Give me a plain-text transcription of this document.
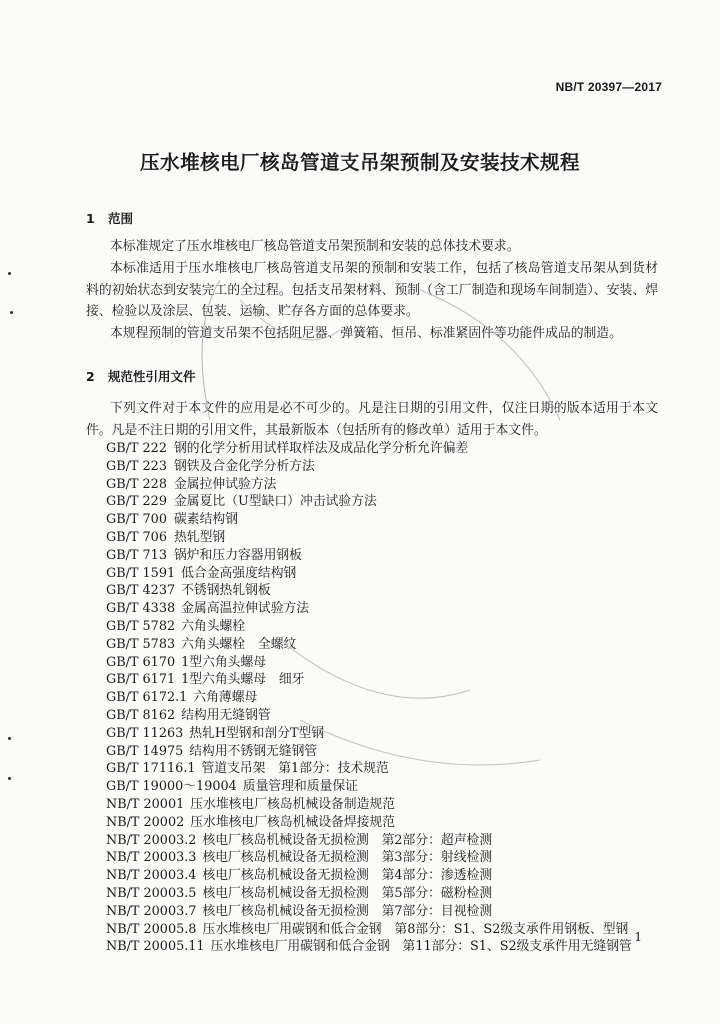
NB/T 20397—2017
压水堆核电厂核岛管道支吊架预制及安装技术规程
1 范围

本标准规定了压水堆核电厂核岛管道支吊架预制和安装的总体技术要求。

本标准适用于压水堆核电厂核岛管道支吊架的预制和安装工作，包括了核岛管道支吊架从到货材料的初始状态到安装完工的全过程。包括支吊架材料、预制（含工厂制造和现场车间制造）、安装、焊接、检验以及涂层、包装、运输、贮存各方面的总体要求。

本规程预制的管道支吊架不包括阻尼器、弹簧箱、恒吊、标准紧固件等功能件成品的制造。

2 规范性引用文件

下列文件对于本文件的应用是必不可少的。凡是注日期的引用文件，仅注日期的版本适用于本文件。凡是不注日期的引用文件，其最新版本（包括所有的修改单）适用于本文件。

GB/T 222 钢的化学分析用试样取样法及成品化学分析允许偏差
GB/T 223 钢铁及合金化学分析方法
GB/T 228 金属拉伸试验方法
GB/T 229 金属夏比（U型缺口）冲击试验方法
GB/T 700 碳素结构钢
GB/T 706 热轧型钢
GB/T 713 锅炉和压力容器用钢板
GB/T 1591 低合金高强度结构钢
GB/T 4237 不锈钢热轧钢板
GB/T 4338 金属高温拉伸试验方法
GB/T 5782 六角头螺栓
GB/T 5783 六角头螺栓　全螺纹
GB/T 6170 1型六角头螺母
GB/T 6171 1型六角头螺母　细牙
GB/T 6172.1 六角薄螺母
GB/T 8162 结构用无缝钢管
GB/T 11263 热轧H型钢和剖分T型钢
GB/T 14975 结构用不锈钢无缝钢管
GB/T 17116.1 管道支吊架　第1部分：技术规范
GB/T 19000～19004 质量管理和质量保证
NB/T 20001 压水堆核电厂核岛机械设备制造规范
NB/T 20002 压水堆核电厂核岛机械设备焊接规范
NB/T 20003.2 核电厂核岛机械设备无损检测　第2部分：超声检测
NB/T 20003.3 核电厂核岛机械设备无损检测　第3部分：射线检测
NB/T 20003.4 核电厂核岛机械设备无损检测　第4部分：渗透检测
NB/T 20003.5 核电厂核岛机械设备无损检测　第5部分：磁粉检测
NB/T 20003.7 核电厂核岛机械设备无损检测　第7部分：目视检测
NB/T 20005.8 压水堆核电厂用碳钢和低合金钢　第8部分：S1、S2级支承件用钢板、型钢
NB/T 20005.11 压水堆核电厂用碳钢和低合金钢　第11部分：S1、S2级支承件用无缝钢管
1
